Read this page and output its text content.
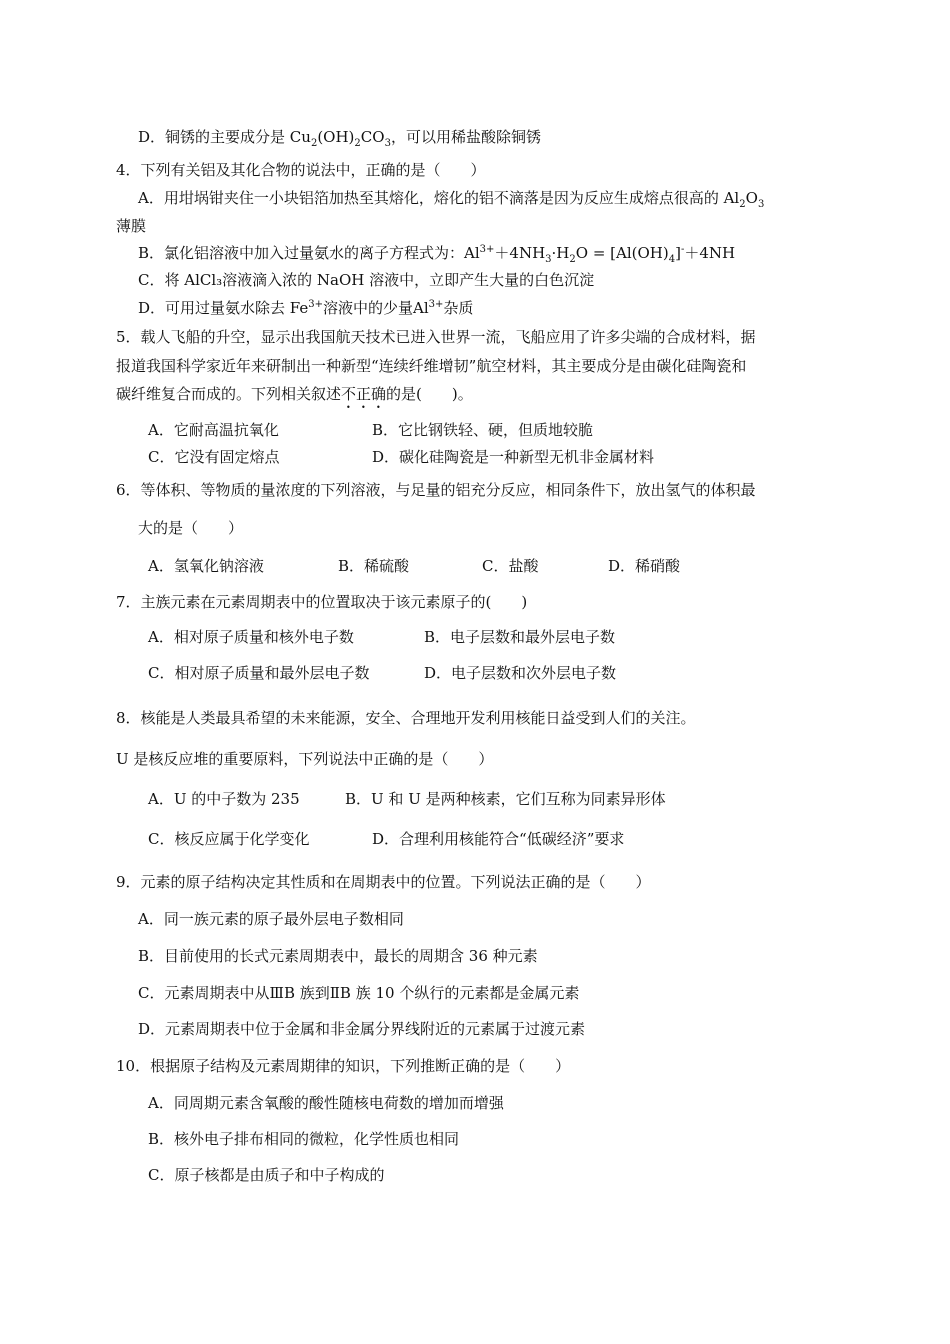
D．铜锈的主要成分是 $Cu_2(OH)_2CO_3$，可以用稀盐酸除铜锈
4．下列有关铝及其化合物的说法中，正确的是（　　）
A．用坩埚钳夹住一小块铝箔加热至其熔化，熔化的铝不滴落是因为反应生成熔点很高的 $Al_2O_3$
薄膜
B．氯化铝溶液中加入过量氨水的离子方程式为：$Al^{3+}+4NH_3\cdot H_2O = [Al(OH)_4]^-+4NH$
C．将 AlCl₃溶液滴入浓的 NaOH 溶液中，立即产生大量的白色沉淀
D．可用过量氨水除去 $Fe^{3+}$溶液中的少量$Al^{3+}$杂质
5．载人飞船的升空，显示出我国航天技术已进入世界一流，飞船应用了许多尖端的合成材料，据
报道我国科学家近年来研制出一种新型“连续纤维增韧”航空材料，其主要成分是由碳化硅陶瓷和
碳纤维复合而成的。下列相关叙述不正确的是(　　)。
A．它耐高温抗氧化	B．它比钢铁轻、硬，但质地较脆
C．它没有固定熔点	D．碳化硅陶瓷是一种新型无机非金属材料
6．等体积、等物质的量浓度的下列溶液，与足量的铝充分反应，相同条件下，放出氢气的体积最
大的是（　　）
A．氢氧化钠溶液	B．稀硫酸	C．盐酸	D．稀硝酸
7．主族元素在元素周期表中的位置取决于该元素原子的(　　)
A．相对原子质量和核外电子数	B．电子层数和最外层电子数
C．相对原子质量和最外层电子数	D．电子层数和次外层电子数
8．核能是人类最具希望的未来能源，安全、合理地开发利用核能日益受到人们的关注。
U 是核反应堆的重要原料，下列说法中正确的是（　　）
A．U 的中子数为 235	B．U 和 U 是两种核素，它们互称为同素异形体
C．核反应属于化学变化	D．合理利用核能符合“低碳经济”要求
9．元素的原子结构决定其性质和在周期表中的位置。下列说法正确的是（　　）
A．同一族元素的原子最外层电子数相同
B．目前使用的长式元素周期表中，最长的周期含 36 种元素
C．元素周期表中从ⅢB 族到ⅡB 族 10 个纵行的元素都是金属元素
D．元素周期表中位于金属和非金属分界线附近的元素属于过渡元素
10．根据原子结构及元素周期律的知识，下列推断正确的是（　　）
A．同周期元素含氧酸的酸性随核电荷数的增加而增强
B．核外电子排布相同的微粒，化学性质也相同
C．原子核都是由质子和中子构成的
